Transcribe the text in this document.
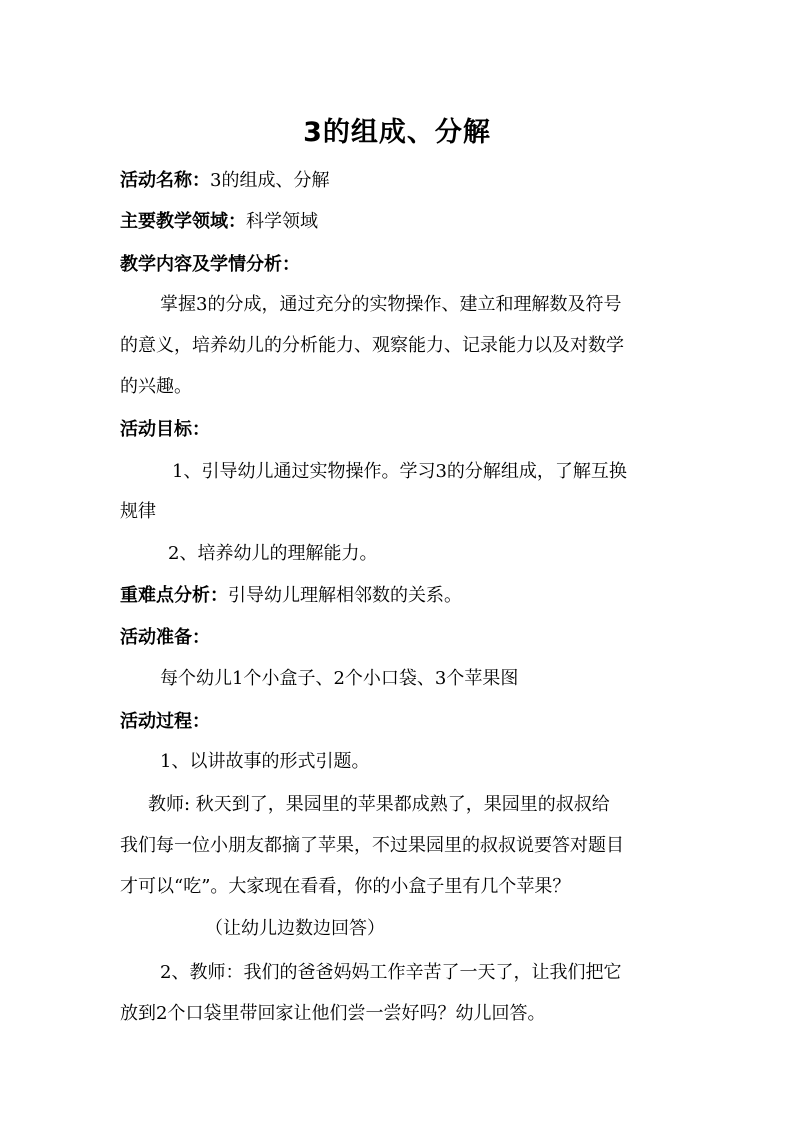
3的组成、分解
活动名称：3的组成、分解
主要教学领域：科学领域
教学内容及学情分析：
掌握3的分成，通过充分的实物操作、建立和理解数及符号
的意义，培养幼儿的分析能力、观察能力、记录能力以及对数学
的兴趣。
活动目标：
1、引导幼儿通过实物操作。学习3的分解组成，了解互换
规律
2、培养幼儿的理解能力。
重难点分析：引导幼儿理解相邻数的关系。
活动准备：
每个幼儿1个小盒子、2个小口袋、3个苹果图
活动过程：
1、以讲故事的形式引题。
教师: 秋天到了，果园里的苹果都成熟了，果园里的叔叔给
我们每一位小朋友都摘了苹果，不过果园里的叔叔说要答对题目
才可以“吃”。大家现在看看，你的小盒子里有几个苹果？
（让幼儿边数边回答）
2、教师：我们的爸爸妈妈工作辛苦了一天了，让我们把它
放到2个口袋里带回家让他们尝一尝好吗？幼儿回答。
